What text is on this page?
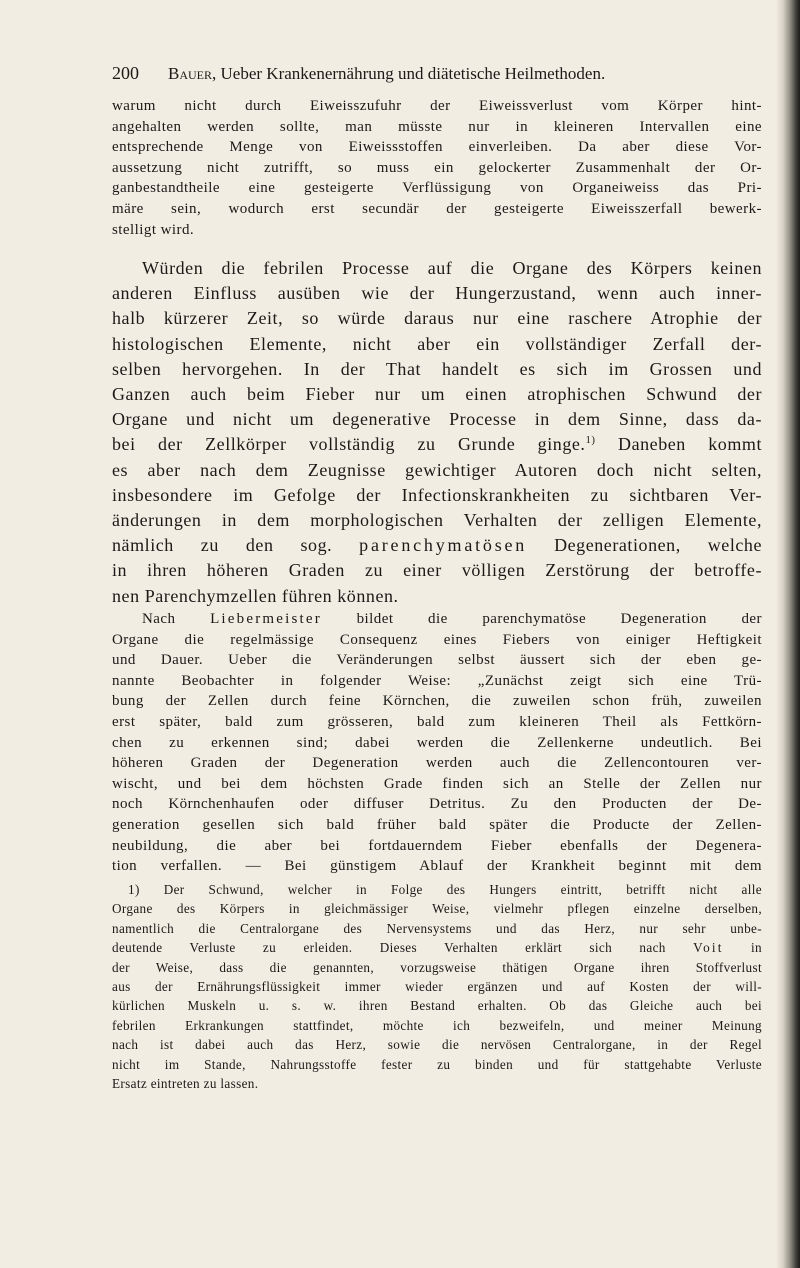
200 Bauer, Ueber Krankenernährung und diätetische Heilmethoden.
warum nicht durch Eiweisszufuhr der Eiweissverlust vom Körper hint-
angehalten werden sollte, man müsste nur in kleineren Intervallen eine
entsprechende Menge von Eiweissstoffen einverleiben. Da aber diese Vor-
aussetzung nicht zutrifft, so muss ein gelockerter Zusammenhalt der Or-
ganbestandtheile eine gesteigerte Verflüssigung von Organeiweiss das Pri-
märe sein, wodurch erst secundär der gesteigerte Eiweisszerfall bewerk-
stelligt wird.
Würden die febrilen Processe auf die Organe des Körpers keinen
anderen Einfluss ausüben wie der Hungerzustand, wenn auch inner-
halb kürzerer Zeit, so würde daraus nur eine raschere Atrophie der
histologischen Elemente, nicht aber ein vollständiger Zerfall der-
selben hervorgehen. In der That handelt es sich im Grossen und
Ganzen auch beim Fieber nur um einen atrophischen Schwund der
Organe und nicht um degenerative Processe in dem Sinne, dass da-
bei der Zellkörper vollständig zu Grunde ginge.$^{1)}$ Daneben kommt
es aber nach dem Zeugnisse gewichtiger Autoren doch nicht selten,
insbesondere im Gefolge der Infectionskrankheiten zu sichtbaren Ver-
änderungen in dem morphologischen Verhalten der zelligen Elemente,
nämlich zu den sog. parenchymatösen Degenerationen, welche
in ihren höheren Graden zu einer völligen Zerstörung der betroffe-
nen Parenchymzellen führen können.
Nach Liebermeister bildet die parenchymatöse Degeneration der
Organe die regelmässige Consequenz eines Fiebers von einiger Heftigkeit
und Dauer. Ueber die Veränderungen selbst äussert sich der eben ge-
nannte Beobachter in folgender Weise: „Zunächst zeigt sich eine Trü-
bung der Zellen durch feine Körnchen, die zuweilen schon früh, zuweilen
erst später, bald zum grösseren, bald zum kleineren Theil als Fettkörn-
chen zu erkennen sind; dabei werden die Zellenkerne undeutlich. Bei
höheren Graden der Degeneration werden auch die Zellencontouren ver-
wischt, und bei dem höchsten Grade finden sich an Stelle der Zellen nur
noch Körnchenhaufen oder diffuser Detritus. Zu den Producten der De-
generation gesellen sich bald früher bald später die Producte der Zellen-
neubildung, die aber bei fortdauerndem Fieber ebenfalls der Degenera-
tion verfallen. — Bei günstigem Ablauf der Krankheit beginnt mit dem
1) Der Schwund, welcher in Folge des Hungers eintritt, betrifft nicht alle
Organe des Körpers in gleichmässiger Weise, vielmehr pflegen einzelne derselben,
namentlich die Centralorgane des Nervensystems und das Herz, nur sehr unbe-
deutende Verluste zu erleiden. Dieses Verhalten erklärt sich nach Voit in
der Weise, dass die genannten, vorzugsweise thätigen Organe ihren Stoffverlust
aus der Ernährungsflüssigkeit immer wieder ergänzen und auf Kosten der will-
kürlichen Muskeln u. s. w. ihren Bestand erhalten. Ob das Gleiche auch bei
febrilen Erkrankungen stattfindet, möchte ich bezweifeln, und meiner Meinung
nach ist dabei auch das Herz, sowie die nervösen Centralorgane, in der Regel
nicht im Stande, Nahrungsstoffe fester zu binden und für stattgehabte Verluste
Ersatz eintreten zu lassen.
